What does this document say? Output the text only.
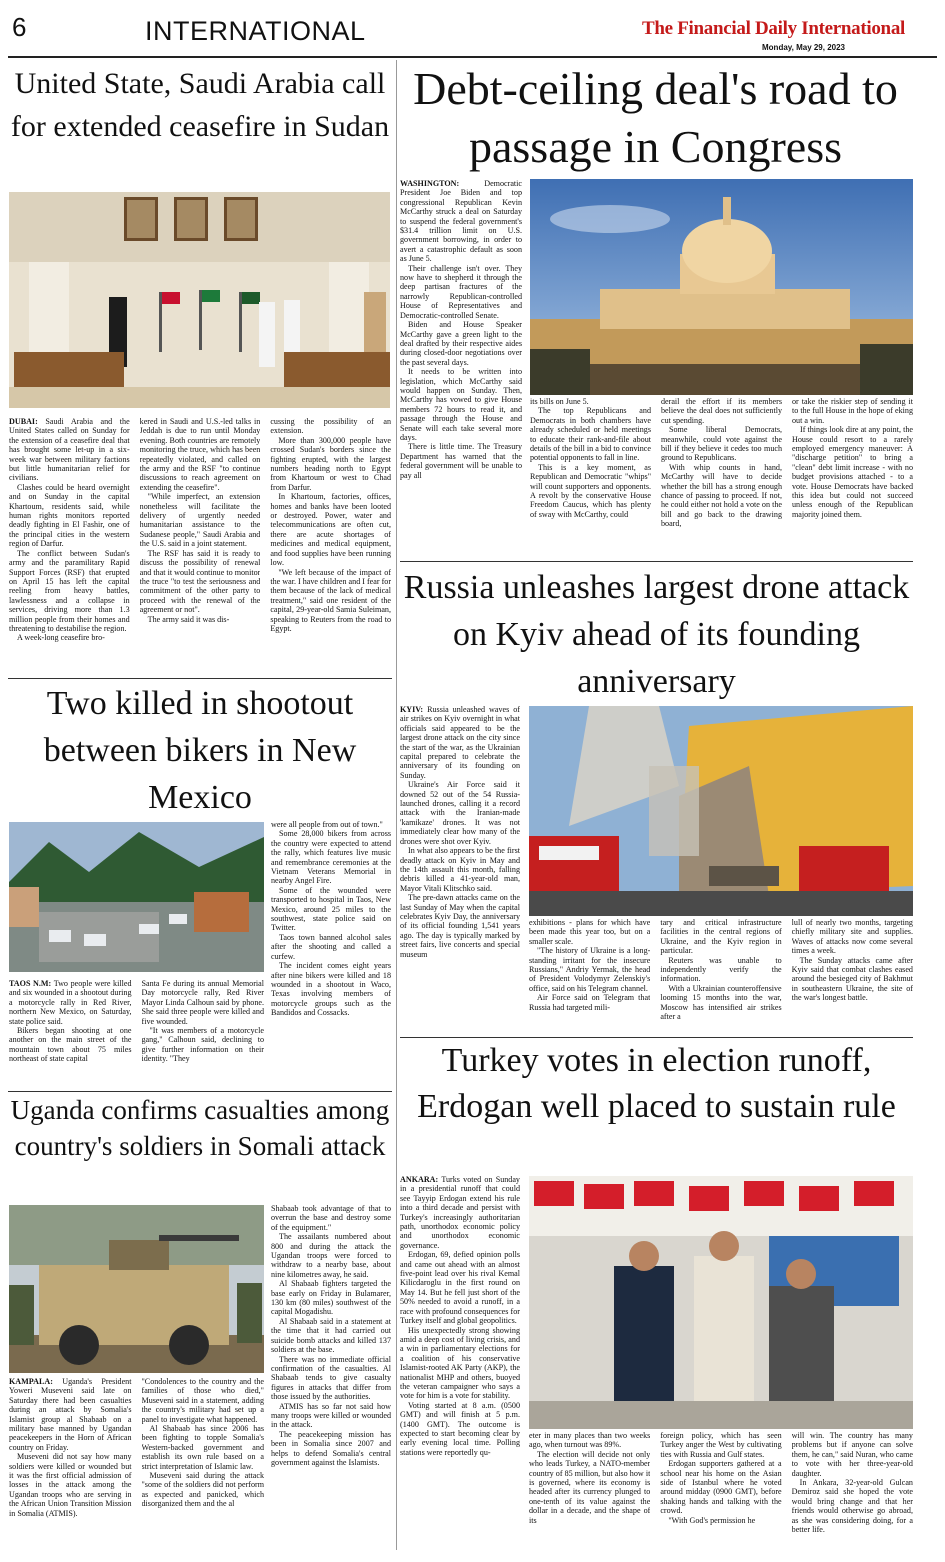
6	INTERNATIONAL	The Financial Daily International
Monday, May 29, 2023
United State, Saudi Arabia call for extended ceasefire in Sudan

DUBAI: Saudi Arabia and the United States called on Sunday for the extension of a ceasefire deal that has brought some let-up in a six-week war between military factions but little humanitarian relief for civilians.

Clashes could be heard overnight and on Sunday in the capital Khartoum, residents said, while human rights monitors reported deadly fighting in El Fashir, one of the principal cities in the western region of Darfur.

The conflict between Sudan's army and the paramilitary Rapid Support Forces (RSF) that erupted on April 15 has left the capital reeling from heavy battles, lawlessness and a collapse in services, driving more than 1.3 million people from their homes and threatening to destabilise the region.

A week-long ceasefire bro-

kered in Saudi and U.S.-led talks in Jeddah is due to run until Monday evening. Both countries are remotely monitoring the truce, which has been repeatedly violated, and called on the army and the RSF "to continue discussions to reach agreement on extending the ceasefire".

"While imperfect, an extension nonetheless will facilitate the delivery of urgently needed humanitarian assistance to the Sudanese people," Saudi Arabia and the U.S. said in a joint statement.

The RSF has said it is ready to discuss the possibility of renewal and that it would continue to monitor the truce "to test the seriousness and commitment of the other party to proceed with the renewal of the agreement or not".

The army said it was dis-

cussing the possibility of an extension.

More than 300,000 people have crossed Sudan's borders since the fighting erupted, with the largest numbers heading north to Egypt from Khartoum or west to Chad from Darfur.

In Khartoum, factories, offices, homes and banks have been looted or destroyed. Power, water and telecommunications are often cut, there are acute shortages of medicines and medical equipment, and food supplies have been running low.

"We left because of the impact of the war. I have children and I fear for them because of the lack of medical treatment," said one resident of the capital, 29-year-old Samia Suleiman, speaking to Reuters from the road to Egypt.

Debt-ceiling deal's road to passage in Congress

WASHINGTON:	Democratic President Joe Biden and top congressional Republican Kevin McCarthy struck a deal on Saturday to suspend the federal government's $31.4 trillion limit on U.S. government borrowing, in order to avert a catastrophic default as soon as June 5.

Their challenge isn't over. They now have to shepherd it through the deep partisan fractures of the narrowly Republican-controlled House of Representatives and Democratic-controlled Senate.

Biden and House Speaker McCarthy gave a green light to the deal drafted by their respective aides during closed-door negotiations over the past several days.

It needs to be written into legislation, which McCarthy said would happen on Sunday. Then, McCarthy has vowed to give House members 72 hours to read it, and passage through the House and Senate will each take several more days.

There is little time. The Treasury Department has warned that the federal government will be unable to pay all

its bills on June 5.

The top Republicans and Democrats in both chambers have already scheduled or held meetings to educate their rank-and-file about details of the bill in a bid to convince potential opponents to fall in line.

This is a key moment, as Republican and Democratic "whips" will count supporters and opponents. A revolt by the conservative House Freedom Caucus, which has plenty of sway with McCarthy, could

derail the effort if its members believe the deal does not sufficiently cut spending.

Some liberal Democrats, meanwhile, could vote against the bill if they believe it cedes too much ground to Republicans.

With whip counts in hand, McCarthy will have to decide whether the bill has a strong enough chance of passing to proceed. If not, he could either not hold a vote on the bill and go back to the drawing board,

or take the riskier step of sending it to the full House in the hope of eking out a win.

If things look dire at any point, the House could resort to a rarely employed emergency maneuver: A "discharge petition" to bring a "clean" debt limit increase - with no budget provisions attached - to a vote. House Democrats have backed this idea but could not succeed unless enough of the Republican majority joined them.

Two killed in shootout between bikers in New Mexico

TAOS N.M: Two people were killed and six wounded in a shootout during a motorcycle rally in Red River, northern New Mexico, on Saturday, state police said.

Bikers began shooting at one another on the main street of the mountain town about 75 miles northeast of state capital

Santa Fe during its annual Memorial Day motorcycle rally, Red River Mayor Linda Calhoun said by phone. She said three people were killed and five wounded.

"It was members of a motorcycle gang," Calhoun said, declining to give further information on their identity. "They

were all people from out of town."

Some 28,000 bikers from across the country were expected to attend the rally, which features live music and remembrance ceremonies at the Vietnam Veterans Memorial in nearby Angel Fire.

Some of the wounded were transported to hospital in Taos, New Mexico, around 25 miles to the southwest, state police said on Twitter.

Taos town banned alcohol sales after the shooting and called a curfew.

The incident comes eight years after nine bikers were killed and 18 wounded in a shootout in Waco, Texas involving members of motorcycle groups such as the Bandidos and Cossacks.

Russia unleashes largest drone attack on Kyiv ahead of its founding anniversary

KYIV: Russia unleashed waves of air strikes on Kyiv overnight in what officials said appeared to be the largest drone attack on the city since the start of the war, as the Ukrainian capital prepared to celebrate the anniversary of its founding on Sunday.

Ukraine's Air Force said it downed 52 out of the 54 Russia-launched drones, calling it a record attack with the Iranian-made 'kamikaze' drones. It was not immediately clear how many of the drones were shot over Kyiv.

In what also appears to be the first deadly attack on Kyiv in May and the 14th assault this month, falling debris killed a 41-year-old man, Mayor Vitali Klitschko said.

The pre-dawn attacks came on the last Sunday of May when the capital celebrates Kyiv Day, the anniversary of its official founding 1,541 years ago. The day is typically marked by street fairs, live concerts and special museum

exhibitions - plans for which have been made this year too, but on a smaller scale.

"The history of Ukraine is a long-standing irritant for the insecure Russians," Andriy Yermak, the head of President Volodymyr Zelenskiy's office, said on his Telegram channel.

Air Force said on Telegram that Russia had targeted mili-

tary and critical infrastructure facilities in the central regions of Ukraine, and the Kyiv region in particular.

Reuters was unable to independently verify the information.

With a Ukrainian counteroffensive looming 15 months into the war, Moscow has intensified air strikes after a

lull of nearly two months, targeting chiefly military site and supplies. Waves of attacks now come several times a week.

The Sunday attacks came after Kyiv said that combat clashes eased around the besieged city of Bakhmut in southeastern Ukraine, the site of the war's longest battle.

Uganda confirms casualties among country's soldiers in Somali attack

KAMPALA: Uganda's President Yoweri Museveni said late on Saturday there had been casualties during an attack by Somalia's Islamist group al Shabaab on a military base manned by Ugandan peacekeepers in the Horn of African country on Friday.

Museveni did not say how many soldiers were killed or wounded but it was the first official admission of losses in the attack among the Ugandan troops who are serving in the African Union Transition Mission in Somalia (ATMIS).

"Condolences to the country and the families of those who died," Museveni said in a statement, adding the country's military had set up a panel to investigate what happened.

Al Shabaab has since 2006 has been fighting to topple Somalia's Western-backed government and establish its own rule based on a strict interpretation of Islamic law.

Museveni said during the attack "some of the soldiers did not perform as expected and panicked, which disorganized them and the al

Shabaab took advantage of that to overrun the base and destroy some of the equipment."

The assailants numbered about 800 and during the attack the Ugandan troops were forced to withdraw to a nearby base, about nine kilometres away, he said.

Al Shabaab fighters targeted the base early on Friday in Bulamarer, 130 km (80 miles) southwest of the capital Mogadishu.

Al Shabaab said in a statement at the time that it had carried out suicide bomb attacks and killed 137 soldiers at the base.

There was no immediate official confirmation of the casualties. Al Shabaab tends to give casualty figures in attacks that differ from those issued by the authorities.

ATMIS has so far not said how many troops were killed or wounded in the attack.

The peacekeeping mission has been in Somalia since 2007 and helps to defend Somalia's central government against the Islamists.

Turkey votes in election runoff, Erdogan well placed to sustain rule

ANKARA: Turks voted on Sunday in a presidential runoff that could see Tayyip Erdogan extend his rule into a third decade and persist with Turkey's increasingly authoritarian path, unorthodox economic policy and unorthodox economic governance.

Erdogan, 69, defied opinion polls and came out ahead with an almost five-point lead over his rival Kemal Kilicdaroglu in the first round on May 14. But he fell just short of the 50% needed to avoid a runoff, in a race with profound consequences for Turkey itself and global geopolitics.

His unexpectedly strong showing amid a deep cost of living crisis, and a win in parliamentary elections for a coalition of his conservative Islamist-rooted AK Party (AKP), the nationalist MHP and others, buoyed the veteran campaigner who says a vote for him is a vote for stability.

Voting started at 8 a.m. (0500 GMT) and will finish at 5 p.m. (1400 GMT). The outcome is expected to start becoming clear by early evening local time. Polling stations were reportedly qu-

eter in many places than two weeks ago, when turnout was 89%.

The election will decide not only who leads Turkey, a NATO-member country of 85 million, but also how it is governed, where its economy is headed after its currency plunged to one-tenth of its value against the dollar in a decade, and the shape of its

foreign policy, which has seen Turkey anger the West by cultivating ties with Russia and Gulf states.

Erdogan supporters gathered at a school near his home on the Asian side of Istanbul where he voted around midday (0900 GMT), before shaking hands and talking with the crowd.

"With God's permission he

will win. The country has many problems but if anyone can solve them, he can," said Nuran, who came to vote with her three-year-old daughter.

In Ankara, 32-year-old Gulcan Demiroz said she hoped the vote would bring change and that her friends would otherwise go abroad, as she was considering doing, for a better life.
